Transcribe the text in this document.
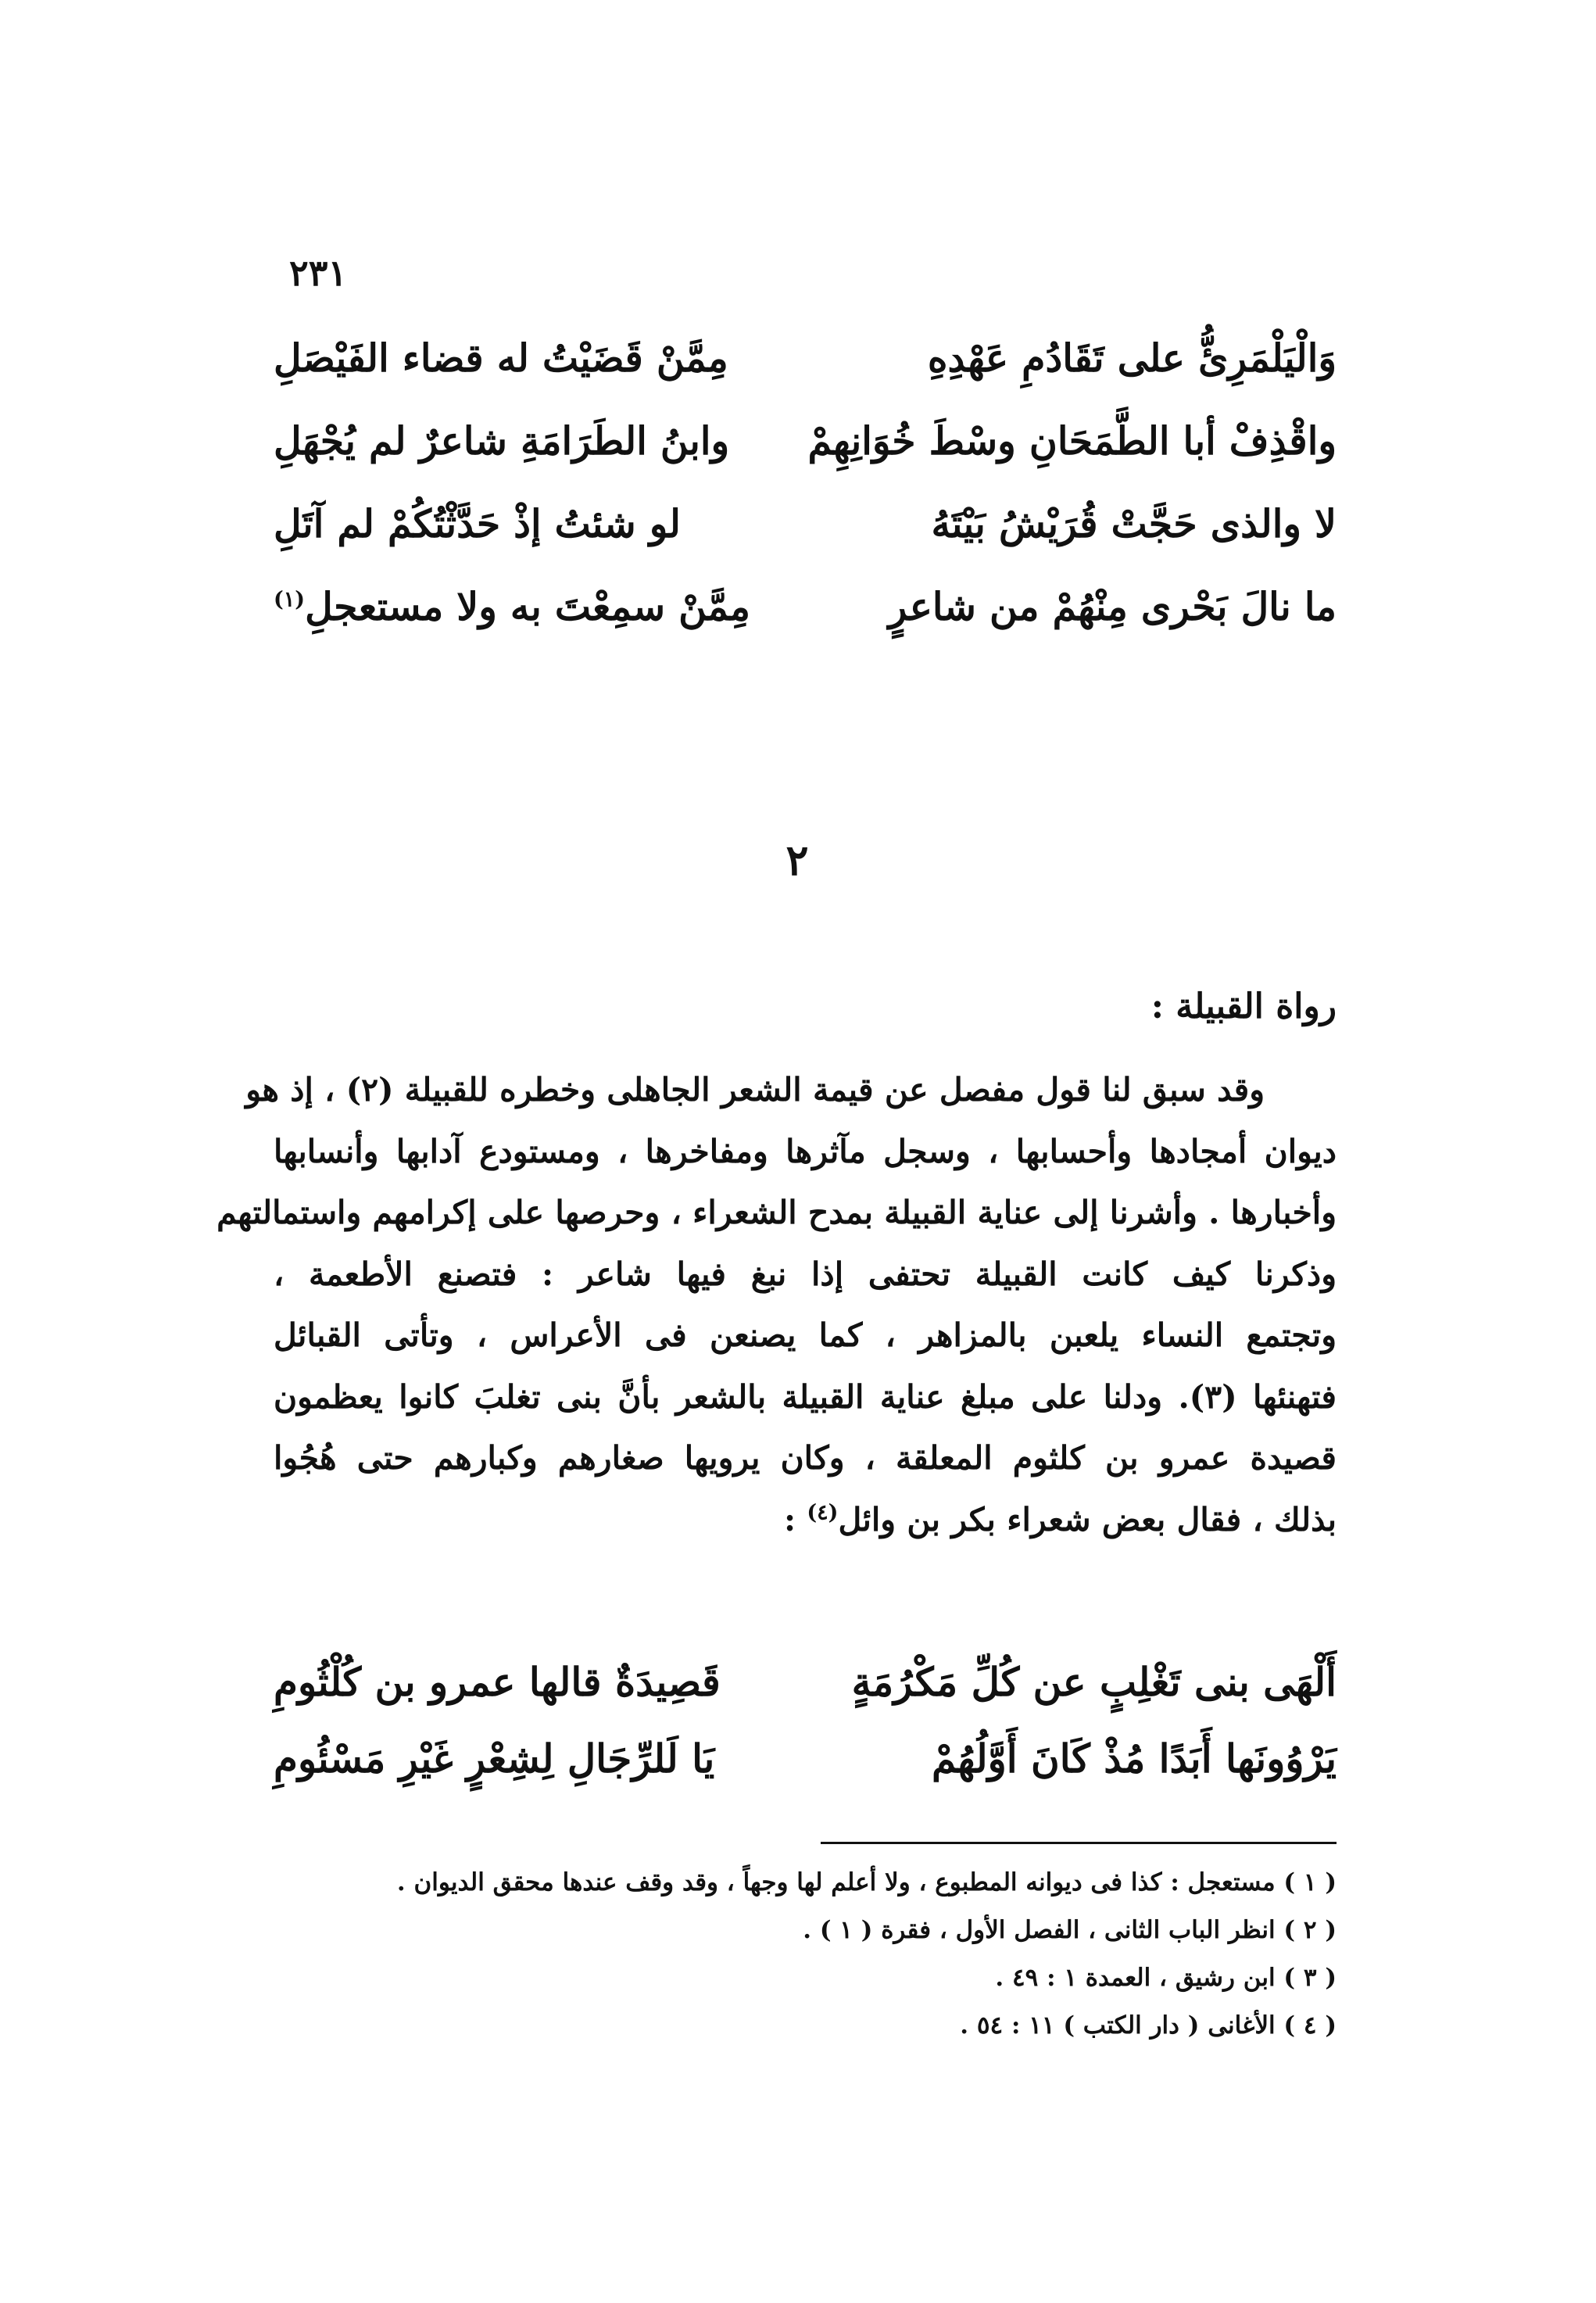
٢٣١
وَالْيَلْمَرِئُّ على تَقَادُمِ عَهْدِهِ
مِمَّنْ قَضَيْتُ له قضاء الفَيْصَلِ
واقْذِفْ أبا الطَّمَحَانِ وسْطَ خُوَانِهِمْ
وابنُ الطَرَامَةِ شاعرٌ لم يُجْهَلِ
لا والذى حَجَّتْ قُرَيْشُ بَيْتَهُ
لو شئتُ إذْ حَدَّثْتُكُمْ لم آتَلِ
ما نالَ بَحْرى مِنْهُمْ من شاعرٍ
مِمَّنْ سمِعْتَ به ولا مستعجلِ$^{(١)}$
٢
رواة القبيلة :
وقد سبق لنا قول مفصل عن قيمة الشعر الجاهلى وخطره للقبيلة (٢) ، إذ هو
ديوان أمجادها وأحسابها ، وسجل مآثرها ومفاخرها ، ومستودع آدابها وأنسابها
وأخبارها . وأشرنا إلى عناية القبيلة بمدح الشعراء ، وحرصها على إكرامهم واستمالتهم
وذكرنا كيف كانت القبيلة تحتفى إذا نبغ فيها شاعر : فتصنع الأطعمة ،
وتجتمع النساء يلعبن بالمزاهر ، كما يصنعن فى الأعراس ، وتأتى القبائل
فتهنئها (٣). ودلنا على مبلغ عناية القبيلة بالشعر بأنَّ بنى تغلبَ كانوا يعظمون
قصيدة عمرو بن كلثوم المعلقة ، وكان يرويها صغارهم وكبارهم حتى هُجُوا
بذلك ، فقال بعض شعراء بكر بن وائل$^{(٤)}$ :
أَلْهَى بنى تَغْلِبٍ عن كُلِّ مَكْرُمَةٍ
قَصِيدَةٌ قالها عمرو بن كُلْثُومِ
يَرْوُونَها أَبَدًا مُذْ كَانَ أَوَّلُهُمْ
يَا لَلرِّجَالِ لِشِعْرٍ غَيْرِ مَسْئُومِ
( ١ ) مستعجل : كذا فى ديوانه المطبوع ، ولا أعلم لها وجهاً ، وقد وقف عندها محقق الديوان .
( ٢ ) انظر الباب الثانى ، الفصل الأول ، فقرة ( ١ ) .
( ٣ ) ابن رشيق ، العمدة ١ : ٤٩ .
( ٤ ) الأغانى ( دار الكتب ) ١١ : ٥٤ .
